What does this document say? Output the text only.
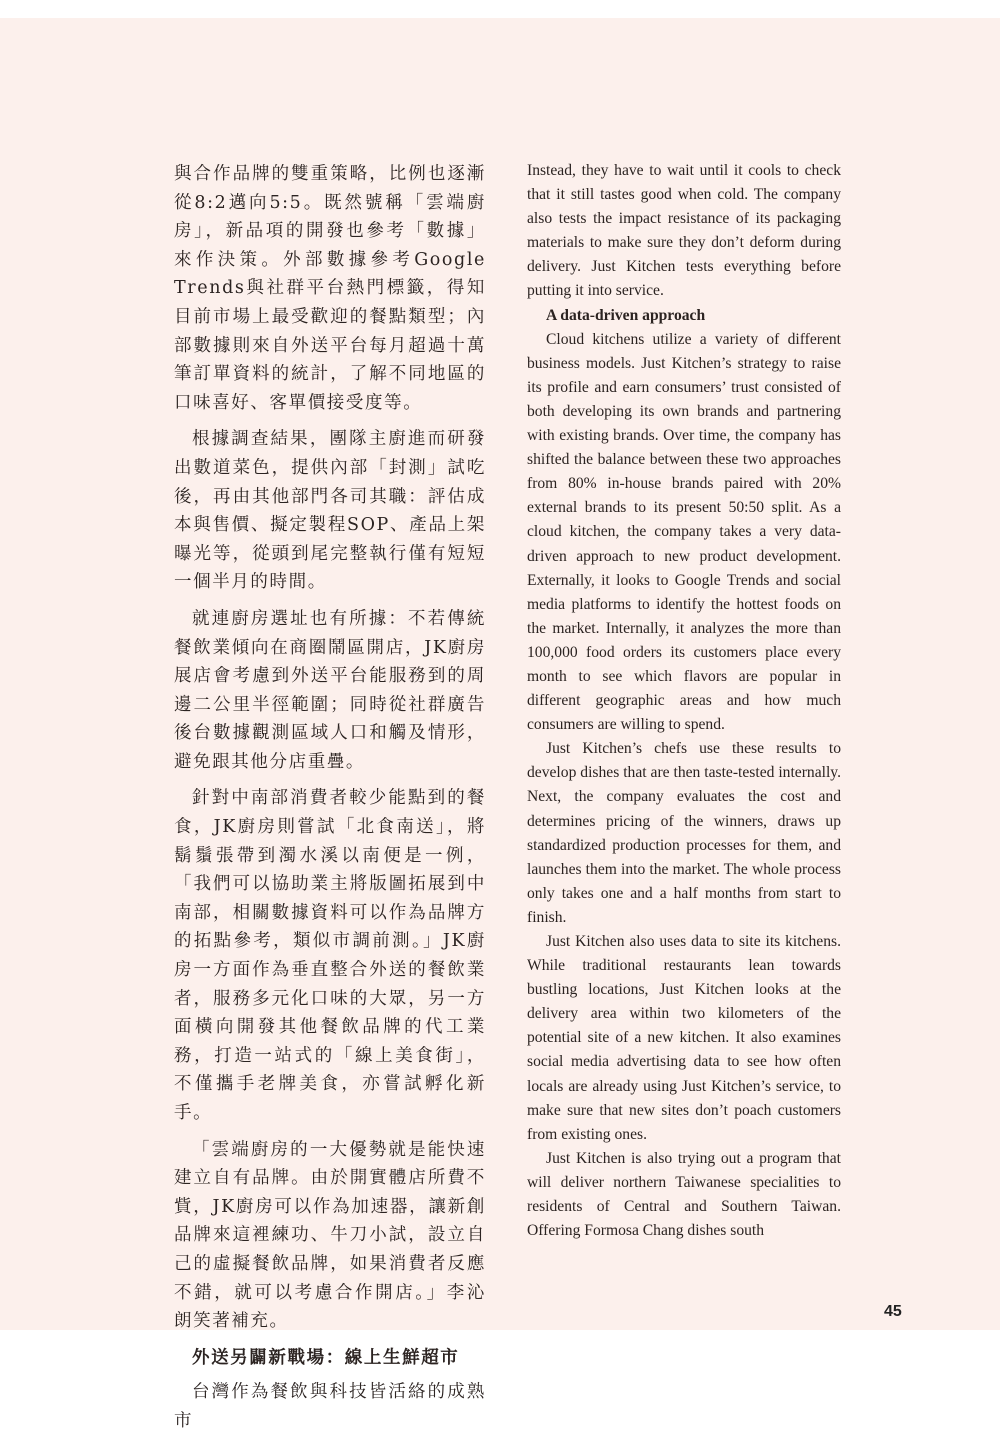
與合作品牌的雙重策略，比例也逐漸從8:2邁向5:5。既然號稱「雲端廚房」，新品項的開發也參考「數據」來作決策。外部數據參考Google Trends與社群平台熱門標籤，得知目前市場上最受歡迎的餐點類型；內部數據則來自外送平台每月超過十萬筆訂單資料的統計，了解不同地區的口味喜好、客單價接受度等。

根據調查結果，團隊主廚進而研發出數道菜色，提供內部「封測」試吃後，再由其他部門各司其職：評估成本與售價、擬定製程SOP、產品上架曝光等，從頭到尾完整執行僅有短短一個半月的時間。

就連廚房選址也有所據：不若傳統餐飲業傾向在商圈鬧區開店，JK廚房展店會考慮到外送平台能服務到的周邊二公里半徑範圍；同時從社群廣告後台數據觀測區域人口和觸及情形，避免跟其他分店重疊。

針對中南部消費者較少能點到的餐食，JK廚房則嘗試「北食南送」，將鬍鬚張帶到濁水溪以南便是一例，「我們可以協助業主將版圖拓展到中南部，相關數據資料可以作為品牌方的拓點參考，類似市調前測。」JK廚房一方面作為垂直整合外送的餐飲業者，服務多元化口味的大眾，另一方面橫向開發其他餐飲品牌的代工業務，打造一站式的「線上美食街」，不僅攜手老牌美食，亦嘗試孵化新手。

「雲端廚房的一大優勢就是能快速建立自有品牌。由於開實體店所費不貲，JK廚房可以作為加速器，讓新創品牌來這裡練功、牛刀小試，設立自己的虛擬餐飲品牌，如果消費者反應不錯，就可以考慮合作開店。」李沁朗笑著補充。

外送另闢新戰場：線上生鮮超市

台灣作為餐飲與科技皆活絡的成熟市

Instead, they have to wait until it cools to check that it still tastes good when cold. The company also tests the impact resistance of its packaging materials to make sure they don’t deform during delivery. Just Kitchen tests everything before putting it into service.

A data-driven approach

Cloud kitchens utilize a variety of different business models. Just Kitchen’s strategy to raise its profile and earn consumers’ trust consisted of both developing its own brands and partnering with existing brands. Over time, the company has shifted the balance between these two approaches from 80% in-house brands paired with 20% external brands to its present 50:50 split. As a cloud kitchen, the company takes a very data-driven approach to new product development. Externally, it looks to Google Trends and social media platforms to identify the hottest foods on the market. Internally, it analyzes the more than 100,000 food orders its customers place every month to see which flavors are popular in different geographic areas and how much consumers are willing to spend.

Just Kitchen’s chefs use these results to develop dishes that are then taste-tested internally. Next, the company evaluates the cost and determines pricing of the winners, draws up standardized production processes for them, and launches them into the market. The whole process only takes one and a half months from start to finish.

Just Kitchen also uses data to site its kitchens. While traditional restaurants lean towards bustling locations, Just Kitchen looks at the delivery area within two kilometers of the potential site of a new kitchen. It also examines social media advertising data to see how often locals are already using Just Kitchen’s service, to make sure that new sites don’t poach customers from existing ones.

Just Kitchen is also trying out a program that will deliver northern Taiwanese specialities to residents of Central and Southern Taiwan. Offering Formosa Chang dishes south

45
